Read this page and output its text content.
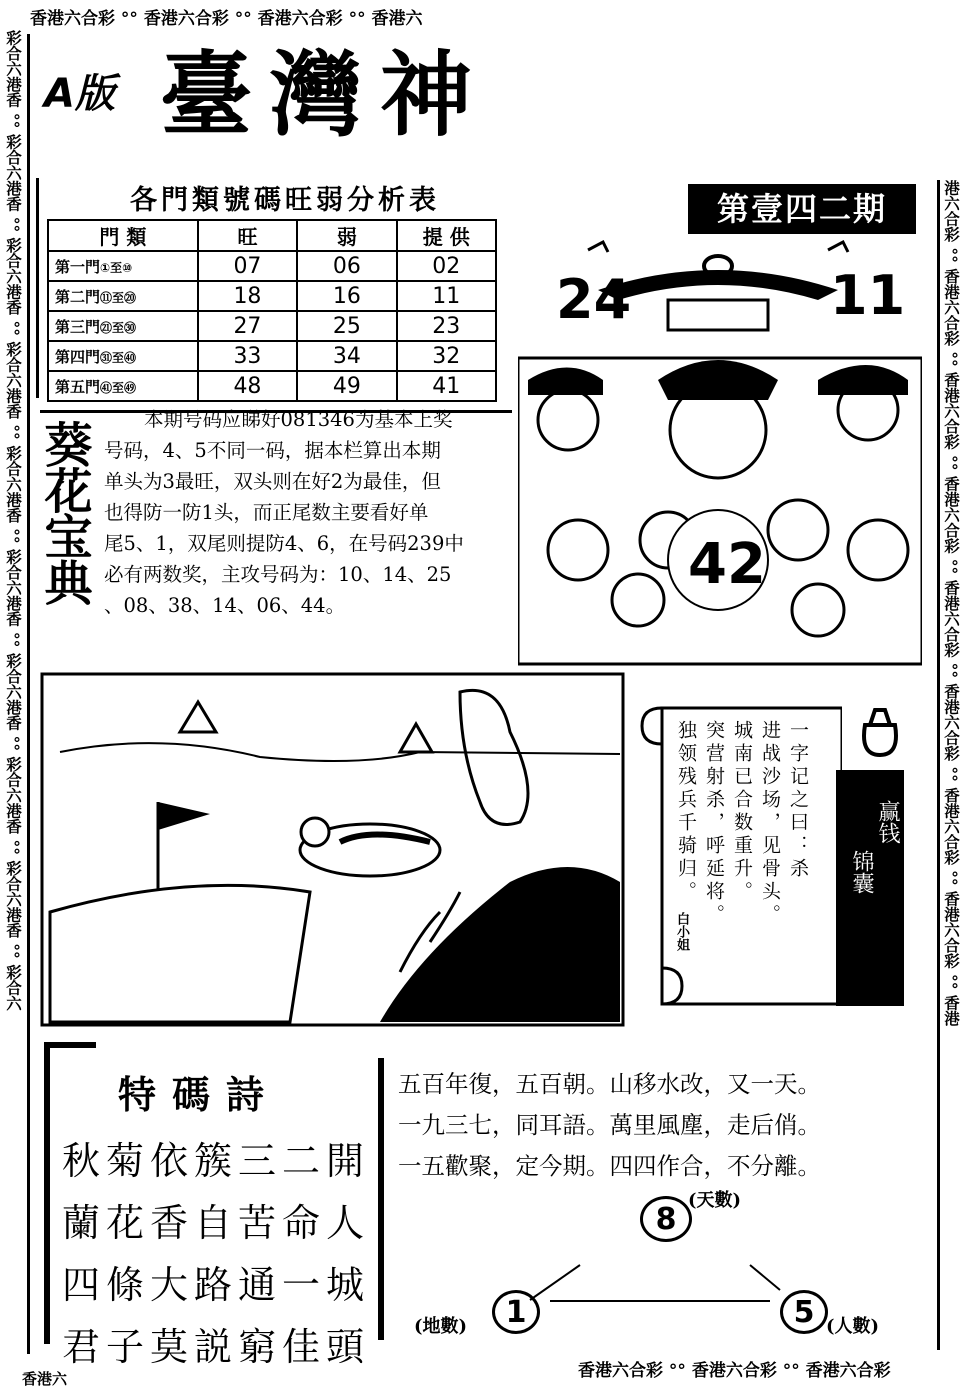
香港六合彩 °° 香港六合彩 °° 香港六合彩 °° 香港六
香港六	香港六合彩 °° 香港六合彩 °° 香港六合彩
彩合六港香 °° 彩合六港香 °° 彩合六港香 °° 彩合六港香 °° 彩合六港香 °° 彩合六港香 °° 彩合六港香 °° 彩合六港香 °° 彩合六港香 °° 彩合六	港六合彩 °° 香港六合彩 °° 香港六合彩 °° 香港六合彩 °° 香港六合彩 °° 香港六合彩 °° 香港六合彩 °° 香港六合彩 °° 香港
A版 臺灣神
第壹四二期
各門類號碼旺弱分析表
門 類	旺	弱	提 供
第一門①至⑩	07	06	02
第二門⑪至⑳	18	16	11
第三門㉑至㉚	27	25	23
第四門㉛至㊵	33	34	32
第五門㊶至㊾	48	49	41
24	11
42
葵花宝典
本期号码应睇好081346为基本上奖
号码，4、5不同一码，据本栏算出本期
单头为3最旺，双头则在好2为最佳，但
也得防一防1头，而正尾数主要看好单
尾5、1，双尾则提防4、6，在号码239中
必有两数奖，主攻号码为：10、14、25
、08、38、14、06、44。
一字记之曰：杀
进战沙场，见骨头。
城南已合数重升。
突营射杀，呼延将。
独领残兵千骑归。
白小姐
赢钱
锦囊
特碼詩
秋菊依簇三二開
蘭花香自苦命人
四條大路通一城
君子莫説窮佳頭
五百年復，五百朝。山移水改，又一天。
一九三七，同耳語。萬里風塵，走后俏。
一五歡聚，定今期。四四作合，不分離。
8
(天數)
(地數)	1	5 (人數)
